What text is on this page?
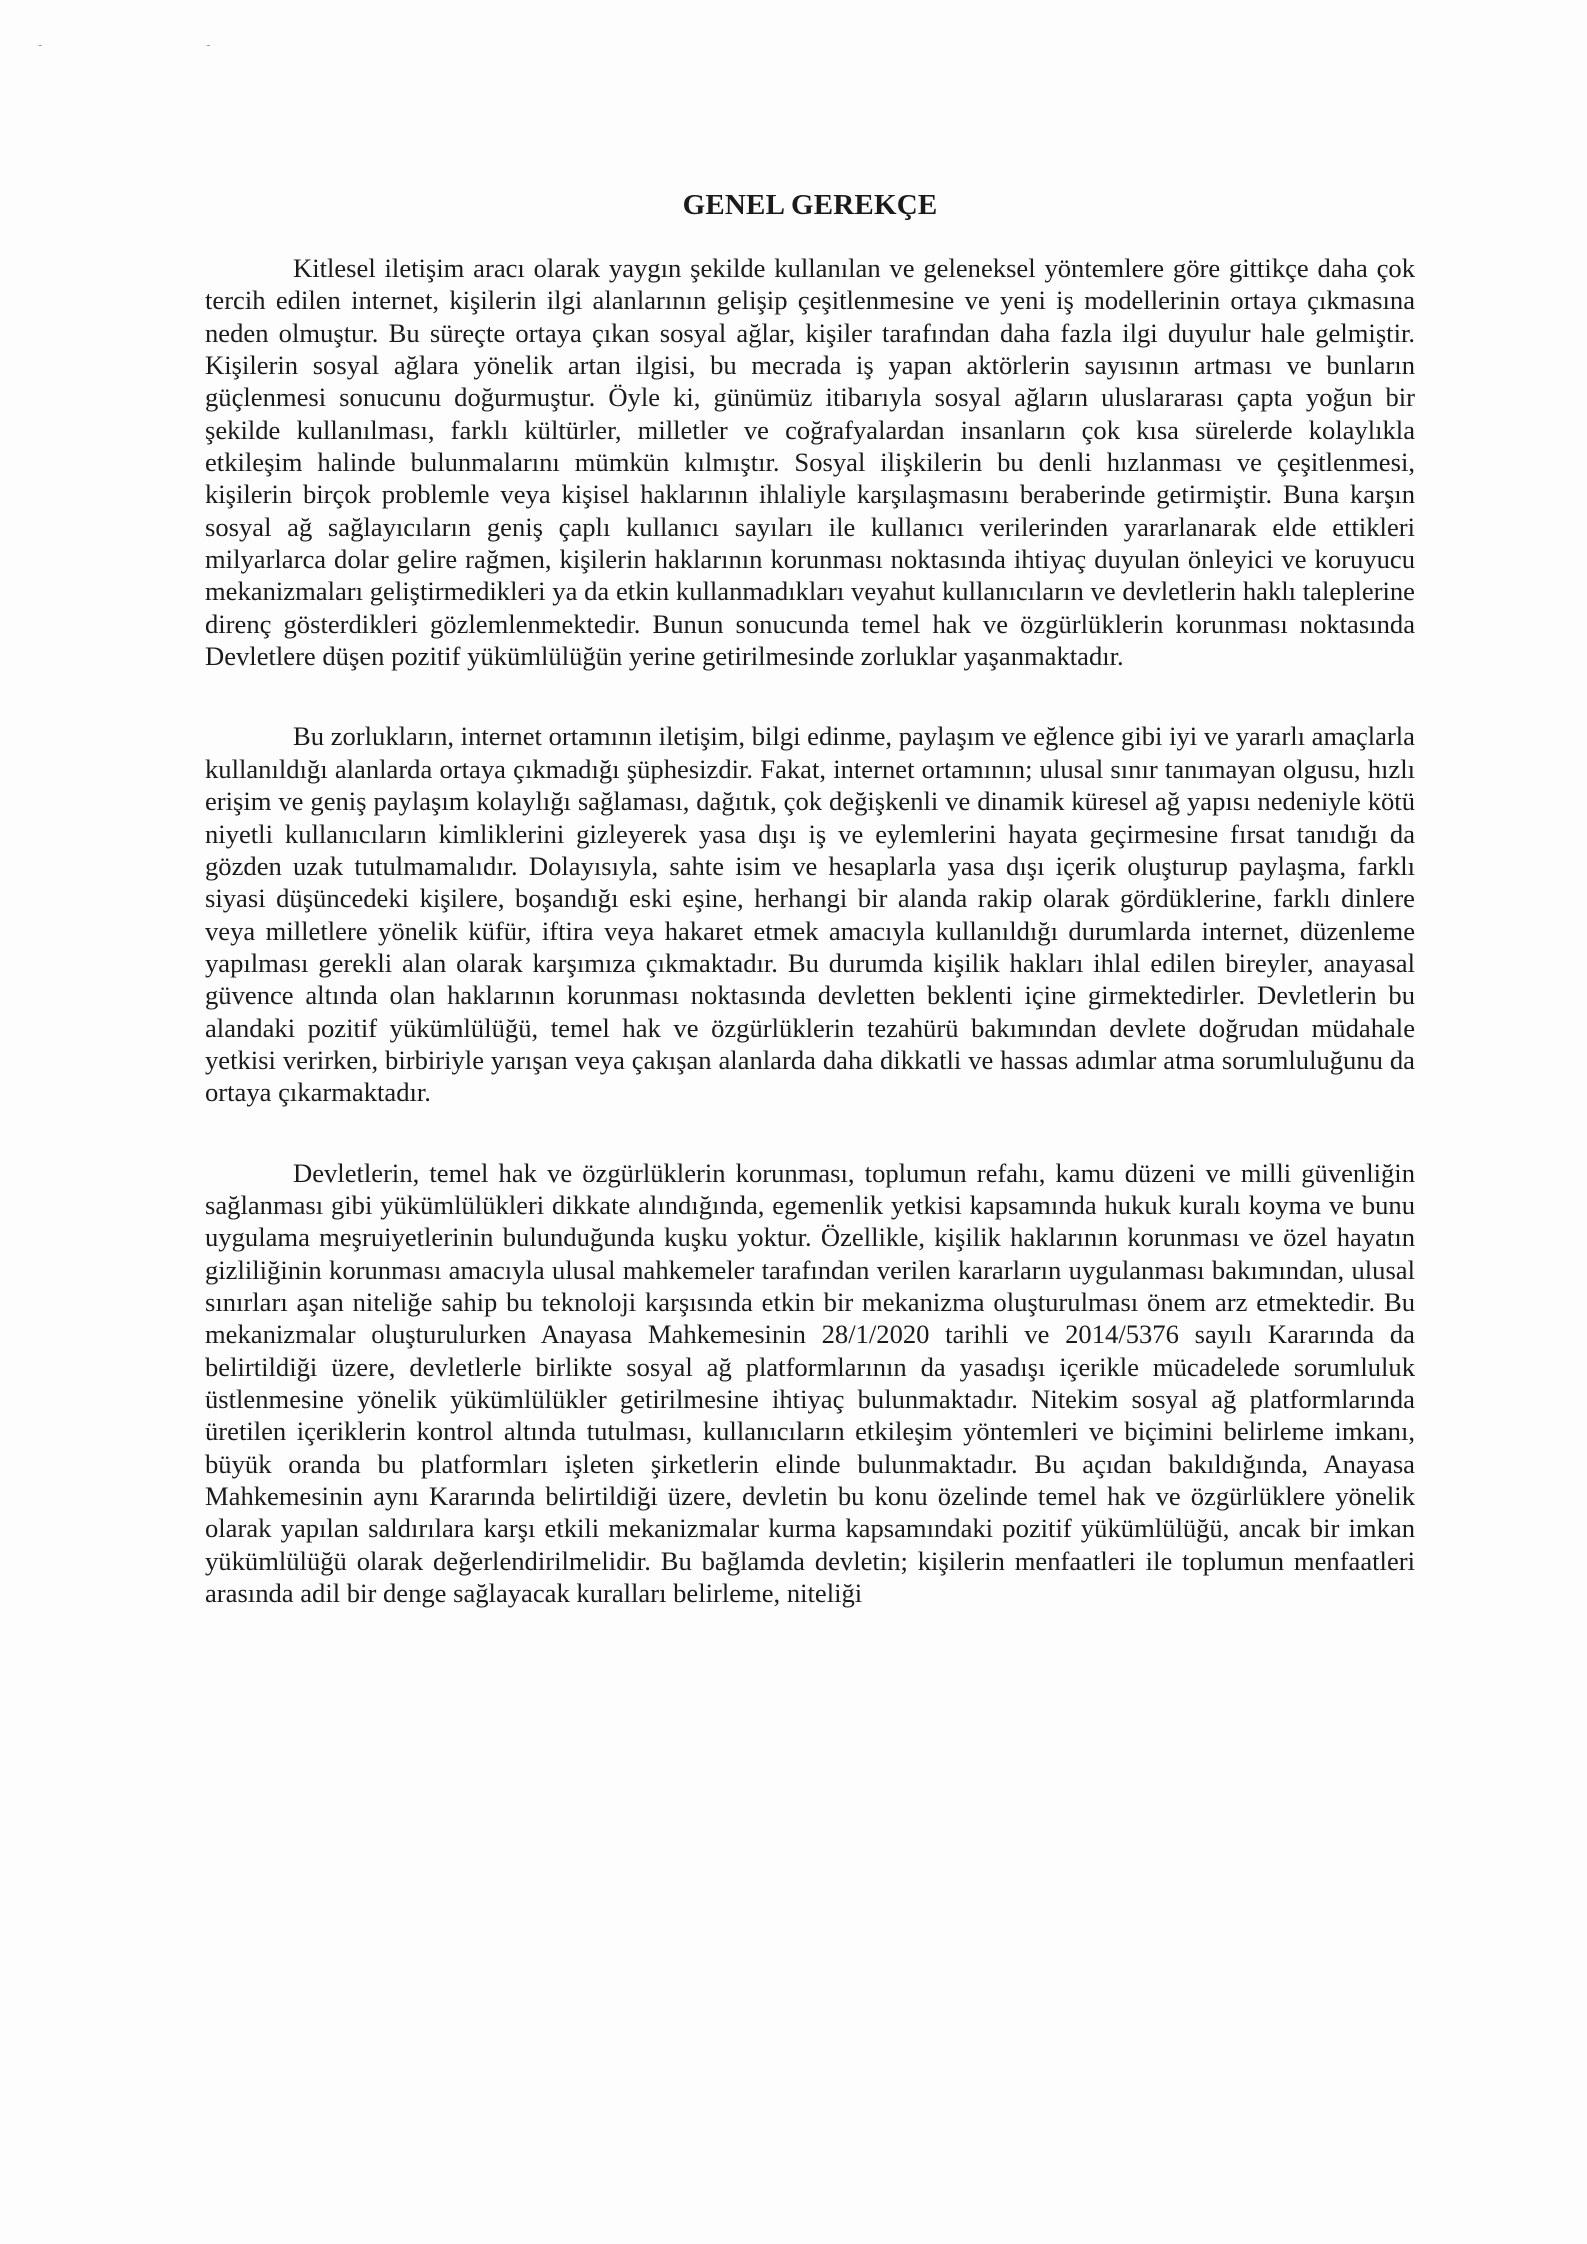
- -
GENEL GEREKÇE

Kitlesel iletişim aracı olarak yaygın şekilde kullanılan ve geleneksel yöntemlere göre gittikçe daha çok tercih edilen internet, kişilerin ilgi alanlarının gelişip çeşitlenmesine ve yeni iş modellerinin ortaya çıkmasına neden olmuştur. Bu süreçte ortaya çıkan sosyal ağlar, kişiler tarafından daha fazla ilgi duyulur hale gelmiştir. Kişilerin sosyal ağlara yönelik artan ilgisi, bu mecrada iş yapan aktörlerin sayısının artması ve bunların güçlenmesi sonucunu doğurmuştur. Öyle ki, günümüz itibarıyla sosyal ağların uluslararası çapta yoğun bir şekilde kullanılması, farklı kültürler, milletler ve coğrafyalardan insanların çok kısa sürelerde kolaylıkla etkileşim halinde bulunmalarını mümkün kılmıştır. Sosyal ilişkilerin bu denli hızlanması ve çeşitlenmesi, kişilerin birçok problemle veya kişisel haklarının ihlaliyle karşılaşmasını beraberinde getirmiştir. Buna karşın sosyal ağ sağlayıcıların geniş çaplı kullanıcı sayıları ile kullanıcı verilerinden yararlanarak elde ettikleri milyarlarca dolar gelire rağmen, kişilerin haklarının korunması noktasında ihtiyaç duyulan önleyici ve koruyucu mekanizmaları geliştirmedikleri ya da etkin kullanmadıkları veyahut kullanıcıların ve devletlerin haklı taleplerine direnç gösterdikleri gözlemlenmektedir. Bunun sonucunda temel hak ve özgürlüklerin korunması noktasında Devletlere düşen pozitif yükümlülüğün yerine getirilmesinde zorluklar yaşanmaktadır.

Bu zorlukların, internet ortamının iletişim, bilgi edinme, paylaşım ve eğlence gibi iyi ve yararlı amaçlarla kullanıldığı alanlarda ortaya çıkmadığı şüphesizdir. Fakat, internet ortamının; ulusal sınır tanımayan olgusu, hızlı erişim ve geniş paylaşım kolaylığı sağlaması, dağıtık, çok değişkenli ve dinamik küresel ağ yapısı nedeniyle kötü niyetli kullanıcıların kimliklerini gizleyerek yasa dışı iş ve eylemlerini hayata geçirmesine fırsat tanıdığı da gözden uzak tutulmamalıdır. Dolayısıyla, sahte isim ve hesaplarla yasa dışı içerik oluşturup paylaşma, farklı siyasi düşüncedeki kişilere, boşandığı eski eşine, herhangi bir alanda rakip olarak gördüklerine, farklı dinlere veya milletlere yönelik küfür, iftira veya hakaret etmek amacıyla kullanıldığı durumlarda internet, düzenleme yapılması gerekli alan olarak karşımıza çıkmaktadır. Bu durumda kişilik hakları ihlal edilen bireyler, anayasal güvence altında olan haklarının korunması noktasında devletten beklenti içine girmektedirler. Devletlerin bu alandaki pozitif yükümlülüğü, temel hak ve özgürlüklerin tezahürü bakımından devlete doğrudan müdahale yetkisi verirken, birbiriyle yarışan veya çakışan alanlarda daha dikkatli ve hassas adımlar atma sorumluluğunu da ortaya çıkarmaktadır.

Devletlerin, temel hak ve özgürlüklerin korunması, toplumun refahı, kamu düzeni ve milli güvenliğin sağlanması gibi yükümlülükleri dikkate alındığında, egemenlik yetkisi kapsamında hukuk kuralı koyma ve bunu uygulama meşruiyetlerinin bulunduğunda kuşku yoktur. Özellikle, kişilik haklarının korunması ve özel hayatın gizliliğinin korunması amacıyla ulusal mahkemeler tarafından verilen kararların uygulanması bakımından, ulusal sınırları aşan niteliğe sahip bu teknoloji karşısında etkin bir mekanizma oluşturulması önem arz etmektedir. Bu mekanizmalar oluşturulurken Anayasa Mahkemesinin 28/1/2020 tarihli ve 2014/5376 sayılı Kararında da belirtildiği üzere, devletlerle birlikte sosyal ağ platformlarının da yasadışı içerikle mücadelede sorumluluk üstlenmesine yönelik yükümlülükler getirilmesine ihtiyaç bulunmaktadır. Nitekim sosyal ağ platformlarında üretilen içeriklerin kontrol altında tutulması, kullanıcıların etkileşim yöntemleri ve biçimini belirleme imkanı, büyük oranda bu platformları işleten şirketlerin elinde bulunmaktadır. Bu açıdan bakıldığında, Anayasa Mahkemesinin aynı Kararında belirtildiği üzere, devletin bu konu özelinde temel hak ve özgürlüklere yönelik olarak yapılan saldırılara karşı etkili mekanizmalar kurma kapsamındaki pozitif yükümlülüğü, ancak bir imkan yükümlülüğü olarak değerlendirilmelidir. Bu bağlamda devletin; kişilerin menfaatleri ile toplumun menfaatleri arasında adil bir denge sağlayacak kuralları belirleme, niteliği
